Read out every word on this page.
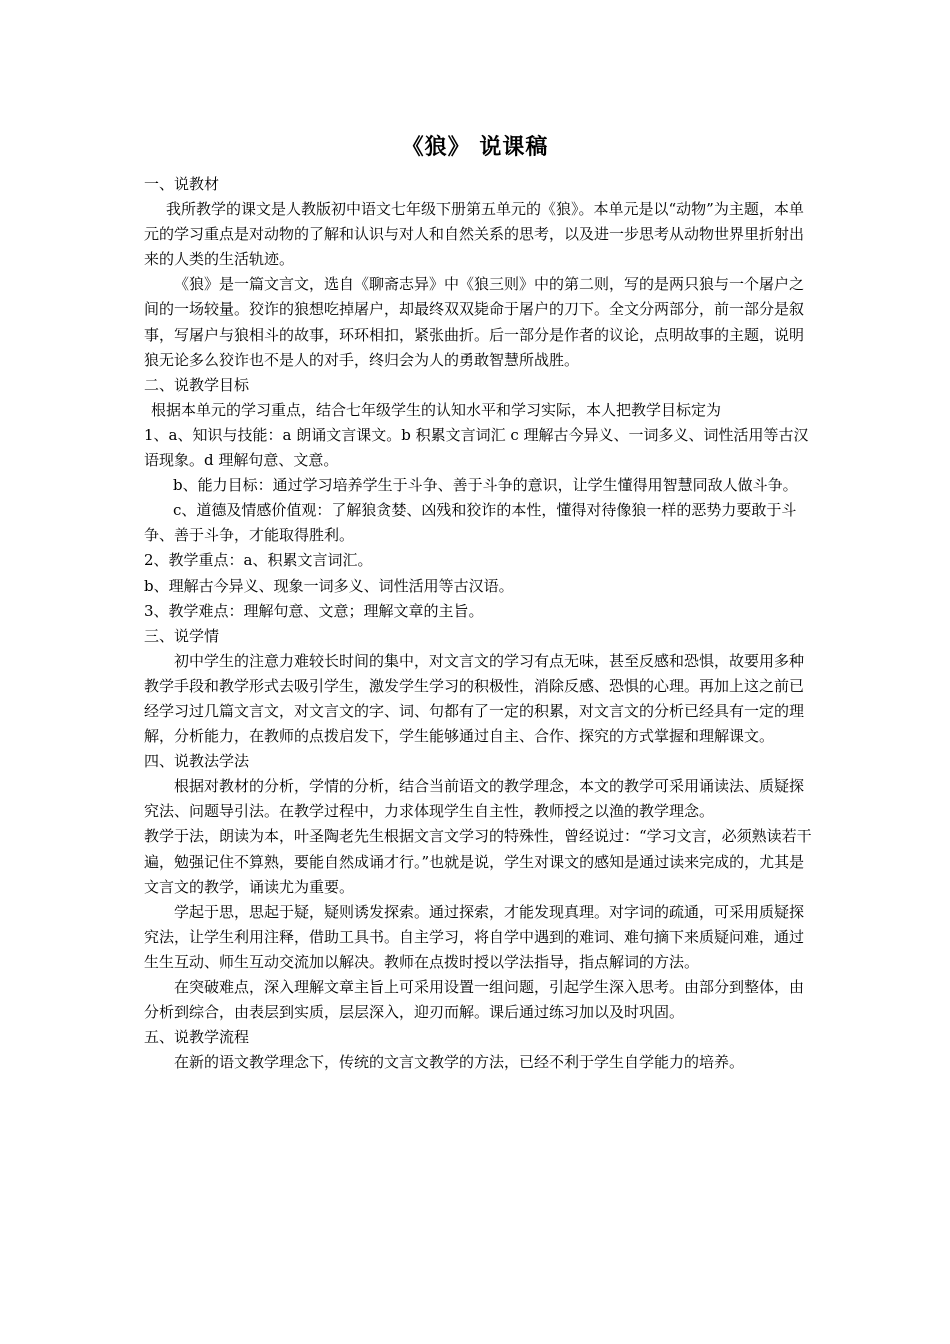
《狼》 说课稿

一、说教材

我所教学的课文是人教版初中语文七年级下册第五单元的《狼》。本单元是以“动物”为主题，本单元的学习重点是对动物的了解和认识与对人和自然关系的思考，以及进一步思考从动物世界里折射出来的人类的生活轨迹。

《狼》是一篇文言文，选自《聊斋志异》中《狼三则》中的第二则，写的是两只狼与一个屠户之间的一场较量。狡诈的狼想吃掉屠户，却最终双双毙命于屠户的刀下。全文分两部分，前一部分是叙事，写屠户与狼相斗的故事，环环相扣，紧张曲折。后一部分是作者的议论，点明故事的主题，说明狼无论多么狡诈也不是人的对手，终归会为人的勇敢智慧所战胜。

二、说教学目标

根据本单元的学习重点，结合七年级学生的认知水平和学习实际，本人把教学目标定为

1、a、知识与技能：a 朗诵文言课文。b 积累文言词汇 c 理解古今异义、一词多义、词性活用等古汉语现象。d 理解句意、文意。

b、能力目标：通过学习培养学生于斗争、善于斗争的意识，让学生懂得用智慧同敌人做斗争。

c、道德及情感价值观：了解狼贪婪、凶残和狡诈的本性，懂得对待像狼一样的恶势力要敢于斗争、善于斗争，才能取得胜利。

2、教学重点：a、积累文言词汇。

b、理解古今异义、现象一词多义、词性活用等古汉语。

3、教学难点：理解句意、文意；理解文章的主旨。

三、说学情

初中学生的注意力难较长时间的集中，对文言文的学习有点无味，甚至反感和恐惧，故要用多种教学手段和教学形式去吸引学生，激发学生学习的积极性，消除反感、恐惧的心理。再加上这之前已经学习过几篇文言文，对文言文的字、词、句都有了一定的积累，对文言文的分析已经具有一定的理解，分析能力，在教师的点拨启发下，学生能够通过自主、合作、探究的方式掌握和理解课文。

四、说教法学法

根据对教材的分析，学情的分析，结合当前语文的教学理念，本文的教学可采用诵读法、质疑探究法、问题导引法。在教学过程中，力求体现学生自主性，教师授之以渔的教学理念。

教学于法，朗读为本，叶圣陶老先生根据文言文学习的特殊性，曾经说过：“学习文言，必须熟读若干遍，勉强记住不算熟，要能自然成诵才行。”也就是说，学生对课文的感知是通过读来完成的，尤其是文言文的教学，诵读尤为重要。

学起于思，思起于疑，疑则诱发探索。通过探索，才能发现真理。对字词的疏通，可采用质疑探究法，让学生利用注释，借助工具书。自主学习，将自学中遇到的难词、难句摘下来质疑问难，通过生生互动、师生互动交流加以解决。教师在点拨时授以学法指导，指点解词的方法。

在突破难点，深入理解文章主旨上可采用设置一组问题，引起学生深入思考。由部分到整体，由分析到综合，由表层到实质，层层深入，迎刃而解。课后通过练习加以及时巩固。

五、说教学流程

在新的语文教学理念下，传统的文言文教学的方法，已经不利于学生自学能力的培养。
